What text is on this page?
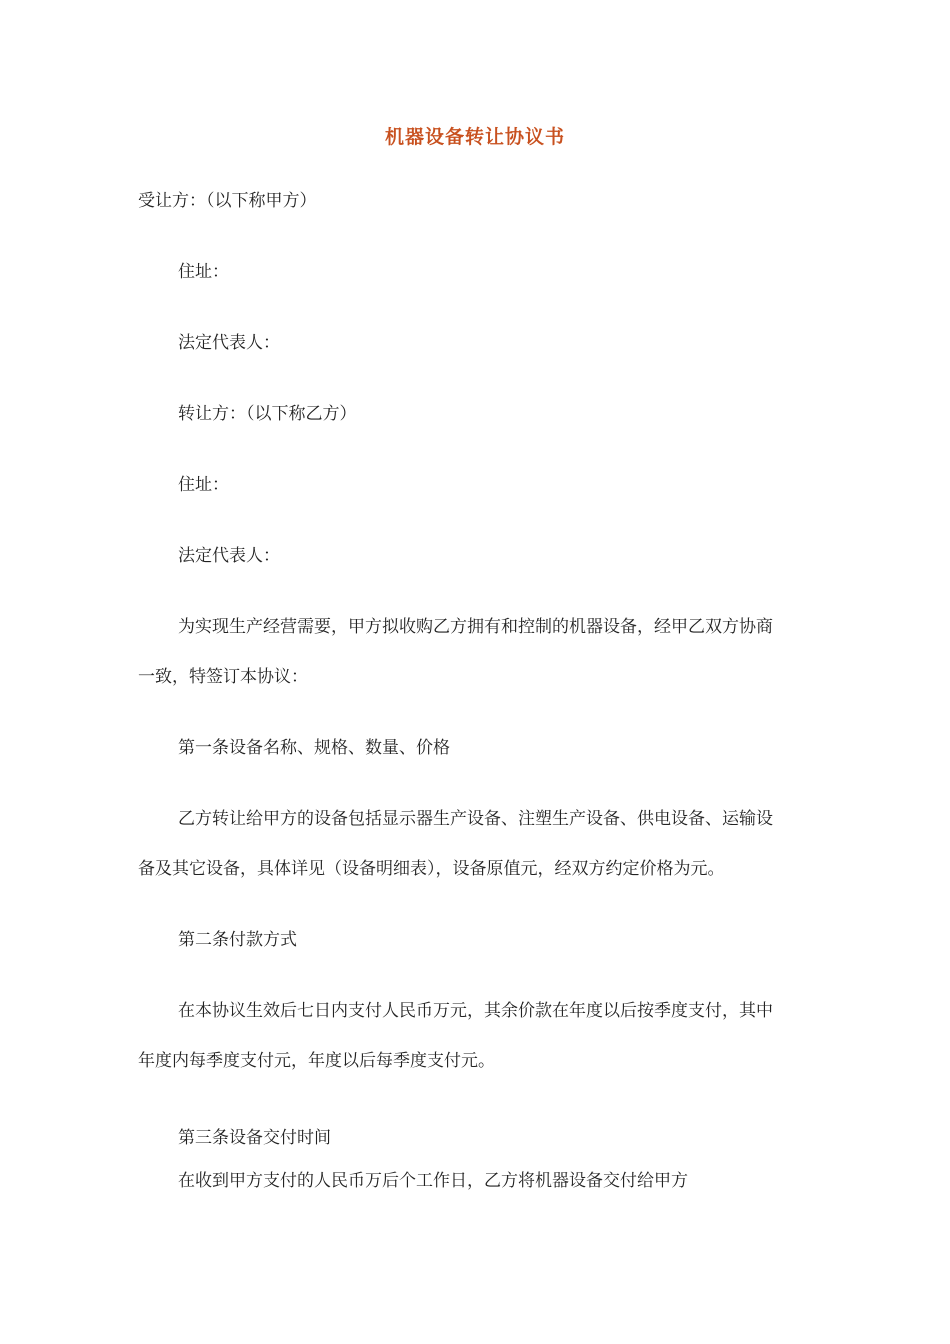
机器设备转让协议书
受让方：（以下称甲方）
住址：
法定代表人：
转让方：（以下称乙方）
住址：
法定代表人：
为实现生产经营需要，甲方拟收购乙方拥有和控制的机器设备，经甲乙双方协商
一致，特签订本协议：
第一条设备名称、规格、数量、价格
乙方转让给甲方的设备包括显示器生产设备、注塑生产设备、供电设备、运输设
备及其它设备，具体详见（设备明细表），设备原值元，经双方约定价格为元。
第二条付款方式
在本协议生效后七日内支付人民币万元，其余价款在年度以后按季度支付，其中
年度内每季度支付元，年度以后每季度支付元。
第三条设备交付时间
在收到甲方支付的人民币万后个工作日，乙方将机器设备交付给甲方
